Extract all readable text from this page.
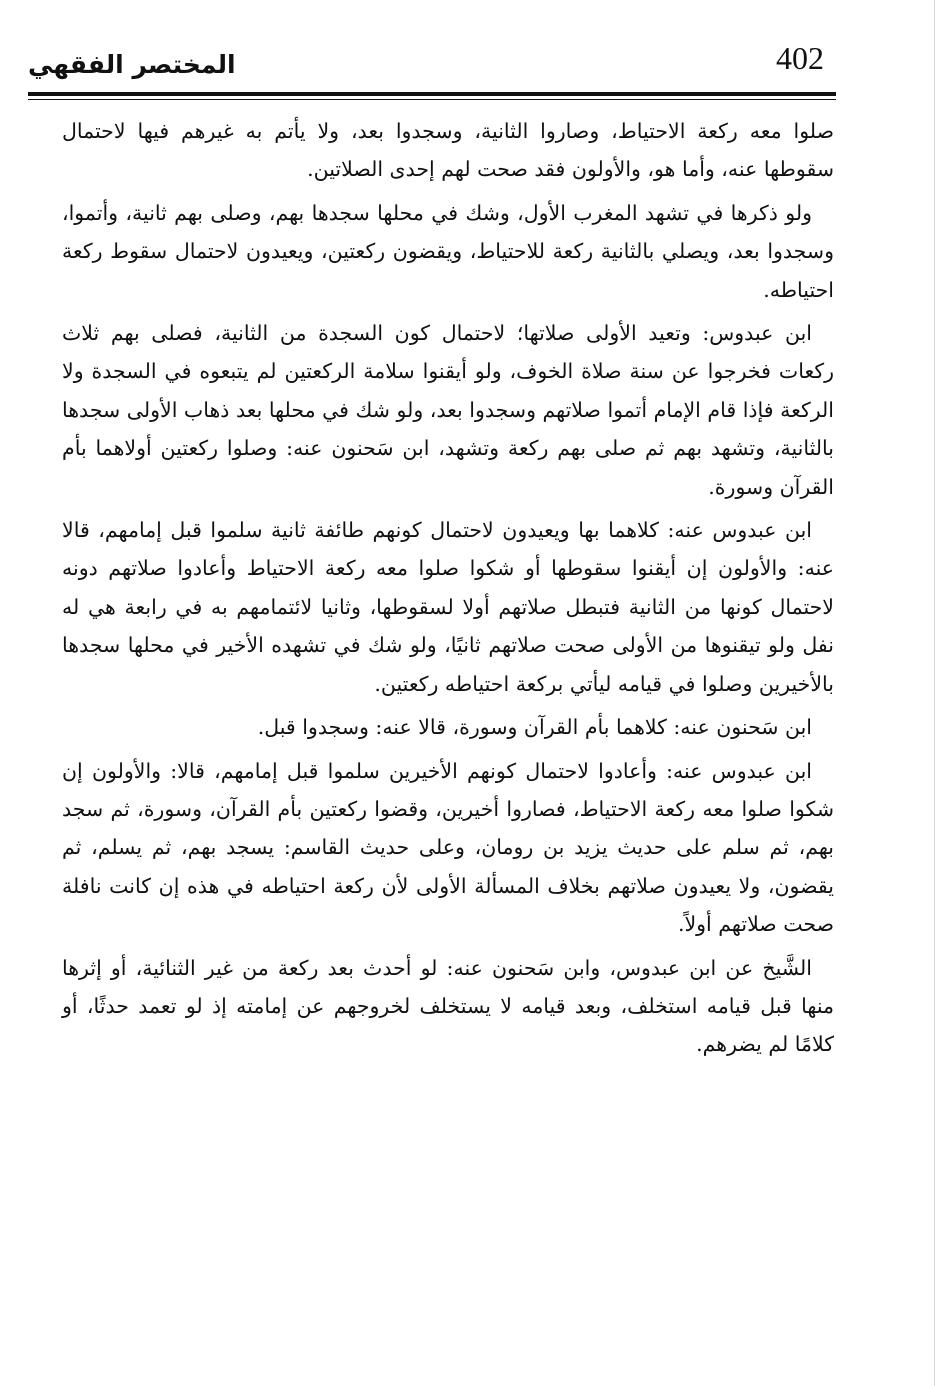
المختصر الفقهي	402

صلوا معه ركعة الاحتياط، وصاروا الثانية، وسجدوا بعد، ولا يأتم به غيرهم فيها لاحتمال سقوطها عنه، وأما هو، والأولون فقد صحت لهم إحدى الصلاتين.

ولو ذكرها في تشهد المغرب الأول، وشك في محلها سجدها بهم، وصلى بهم ثانية، وأتموا، وسجدوا بعد، ويصلي بالثانية ركعة للاحتياط، ويقضون ركعتين، ويعيدون لاحتمال سقوط ركعة احتياطه.

ابن عبدوس: وتعيد الأولى صلاتها؛ لاحتمال كون السجدة من الثانية، فصلى بهم ثلاث ركعات فخرجوا عن سنة صلاة الخوف، ولو أيقنوا سلامة الركعتين لم يتبعوه في السجدة ولا الركعة فإذا قام الإمام أتموا صلاتهم وسجدوا بعد، ولو شك في محلها بعد ذهاب الأولى سجدها بالثانية، وتشهد بهم ثم صلى بهم ركعة وتشهد، ابن سَحنون عنه: وصلوا ركعتين أولاهما بأم القرآن وسورة.

ابن عبدوس عنه: كلاهما بها ويعيدون لاحتمال كونهم طائفة ثانية سلموا قبل إمامهم، قالا عنه: والأولون إن أيقنوا سقوطها أو شكوا صلوا معه ركعة الاحتياط وأعادوا صلاتهم دونه لاحتمال كونها من الثانية فتبطل صلاتهم أولا لسقوطها، وثانيا لائتمامهم به في رابعة هي له نفل ولو تيقنوها من الأولى صحت صلاتهم ثانيًا، ولو شك في تشهده الأخير في محلها سجدها بالأخيرين وصلوا في قيامه ليأتي بركعة احتياطه ركعتين.

ابن سَحنون عنه: كلاهما بأم القرآن وسورة، قالا عنه: وسجدوا قبل.

ابن عبدوس عنه: وأعادوا لاحتمال كونهم الأخيرين سلموا قبل إمامهم، قالا: والأولون إن شكوا صلوا معه ركعة الاحتياط، فصاروا أخيرين، وقضوا ركعتين بأم القرآن، وسورة، ثم سجد بهم، ثم سلم على حديث يزيد بن رومان، وعلى حديث القاسم: يسجد بهم، ثم يسلم، ثم يقضون، ولا يعيدون صلاتهم بخلاف المسألة الأولى لأن ركعة احتياطه في هذه إن كانت نافلة صحت صلاتهم أولاً.

الشَّيخ عن ابن عبدوس، وابن سَحنون عنه: لو أحدث بعد ركعة من غير الثنائية، أو إثرها منها قبل قيامه استخلف، وبعد قيامه لا يستخلف لخروجهم عن إمامته إذ لو تعمد حدثًا، أو كلامًا لم يضرهم.
